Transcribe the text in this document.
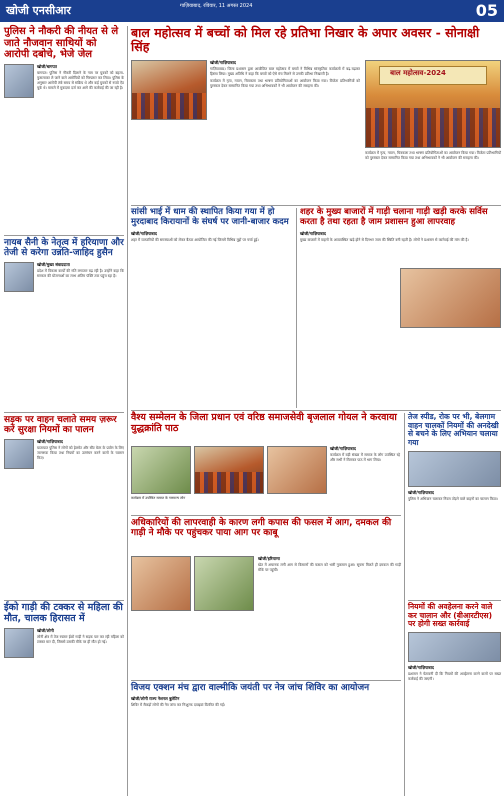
खोजी एनसीआर	गाज़ियाबाद, रविवार, 11 अगस्त 2024	05
पुलिस ने नौकरी की नीयत से ले जाते नौजवान साथियों को आरोपी दबोचे, भेजे जेल
खोजी/बागपत
बागपत। पुलिस ने नौकरी दिलाने के नाम पर युवकों को बहला-फुसलाकर ले जाने वाले आरोपियों को गिरफ्तार कर लिया। पुलिस के अनुसार आरोपी लंबे समय से सक्रिय थे और कई युवकों से रुपये ऐंठ चुके थे। मामले में मुकदमा दर्ज कर आगे की कार्रवाई की जा रही है।
नायब सैनी के नेतृत्व में हरियाणा और तेजी से करेगा उन्नति-जाहिद हुसैन
खोजी/मुख्य संवाददाता
प्रदेश में विकास कार्यों की गति लगातार बढ़ रही है। उन्होंने कहा कि सरकार की योजनाओं का लाभ अंतिम पंक्ति तक पहुंच रहा है।
सड़क पर वाहन चलाते समय ज़रूर करें सुरक्षा नियमों का पालन
खोजी/गाज़ियाबाद
यातायात पुलिस ने लोगों को हेलमेट और सीट बेल्ट के प्रयोग के लिए जागरूक किया तथा नियमों का उल्लंघन करने वालों के चालान किए।
ईको गाड़ी की टक्कर से महिला की मौत, चालक हिरासत में
खोजी/लोनी
लोनी क्षेत्र में तेज रफ्तार ईको गाड़ी ने सड़क पार कर रही महिला को टक्कर मार दी, जिससे उसकी मौके पर ही मौत हो गई।
बाल महोत्सव में बच्चों को मिल रहे प्रतिभा निखार के अपार अवसर - सोनाक्षी सिंह
बाल महोत्सव-2024
खोजी/गाज़ियाबाद
गाज़ियाबाद। जिला प्रशासन द्वारा आयोजित बाल महोत्सव में बच्चों ने विभिन्न सांस्कृतिक कार्यक्रमों में बढ़-चढ़कर हिस्सा लिया। मुख्य अतिथि ने कहा कि बच्चों को ऐसे मंच मिलने से उनकी प्रतिभा निखरती है।
कार्यक्रम में नृत्य, गायन, चित्रकला तथा भाषण प्रतियोगिताओं का आयोजन किया गया। विजेता प्रतिभागियों को पुरस्कार देकर सम्मानित किया गया तथा अभिभावकों ने भी आयोजन की सराहना की।
कार्यक्रम में नृत्य, गायन, चित्रकला तथा भाषण प्रतियोगिताओं का आयोजन किया गया। विजेता प्रतिभागियों को पुरस्कार देकर सम्मानित किया गया तथा अभिभावकों ने भी आयोजन की सराहना की।
सांसी भाई में धाम की स्थापित किया गया में हो मुरदाबाद किरायानों के संघर्ष पर जानी-बाजार कदम
खोजी/गाज़ियाबाद
शहर में व्यापारियों की समस्याओं को लेकर बैठक आयोजित की गई जिसमें विभिन्न मुद्दों पर चर्चा हुई।
शहर के मुख्य बाजारों में गाड़ी चलाना गाड़ी खड़ी करके सर्विस करता है तथा रहता है जाम प्रशासन हुआ लापरवाह
खोजी/गाज़ियाबाद
मुख्य बाजारों में वाहनों के अव्यवस्थित खड़े होने से दिनभर जाम की स्थिति बनी रहती है। लोगों ने प्रशासन से कार्रवाई की मांग की है।
वैश्य सम्मेलन के जिला प्रधान एवं वरिष्ठ समाजसेवी बृजलाल गोयल ने करवाया युद्धक्रांति पाठ
कार्यक्रम में उपस्थित समाज के गणमान्य लोग
खोजी/गाज़ियाबाद
कार्यक्रम में बड़ी संख्या में समाज के लोग उपस्थित रहे और सभी ने मिलकर पाठ में भाग लिया।
तेज स्पीड, रोक पर भी, बेलगाम वाहन चालकों नियमों की अनदेखी से बचने के लिए अभियान चलाया गया
खोजी/गाज़ियाबाद
पुलिस ने अभियान चलाकर नियम तोड़ने वाले वाहनों का चालान किया।
अधिकारियों की लापरवाही के कारण लगी कपास की फसल में आग, दमकल की गाड़ी ने मौके पर पहुंचकर पाया आग पर काबू
खोजी/हरियाणा
खेत में अचानक लगी आग से किसानों की फसल को भारी नुकसान हुआ। सूचना मिलते ही दमकल की गाड़ी मौके पर पहुंची।
विजय एक्शन मंच द्वारा वाल्मीकि जयंती पर नेत्र जांच शिविर का आयोजन
खोजी/लोनी राज्य नेशनल बुलेटिन
शिविर में सैकड़ों लोगों की नेत्र जांच कर निःशुल्क दवाइयां वितरित की गईं।
नियमों की अवहेलना करने वाले कर चालान और (बीआरटीएस) पर होगी सख्त कार्रवाई
खोजी/गाज़ियाबाद
प्रशासन ने चेतावनी दी कि नियमों की अवहेलना करने वालों पर सख्त कार्रवाई की जाएगी।
